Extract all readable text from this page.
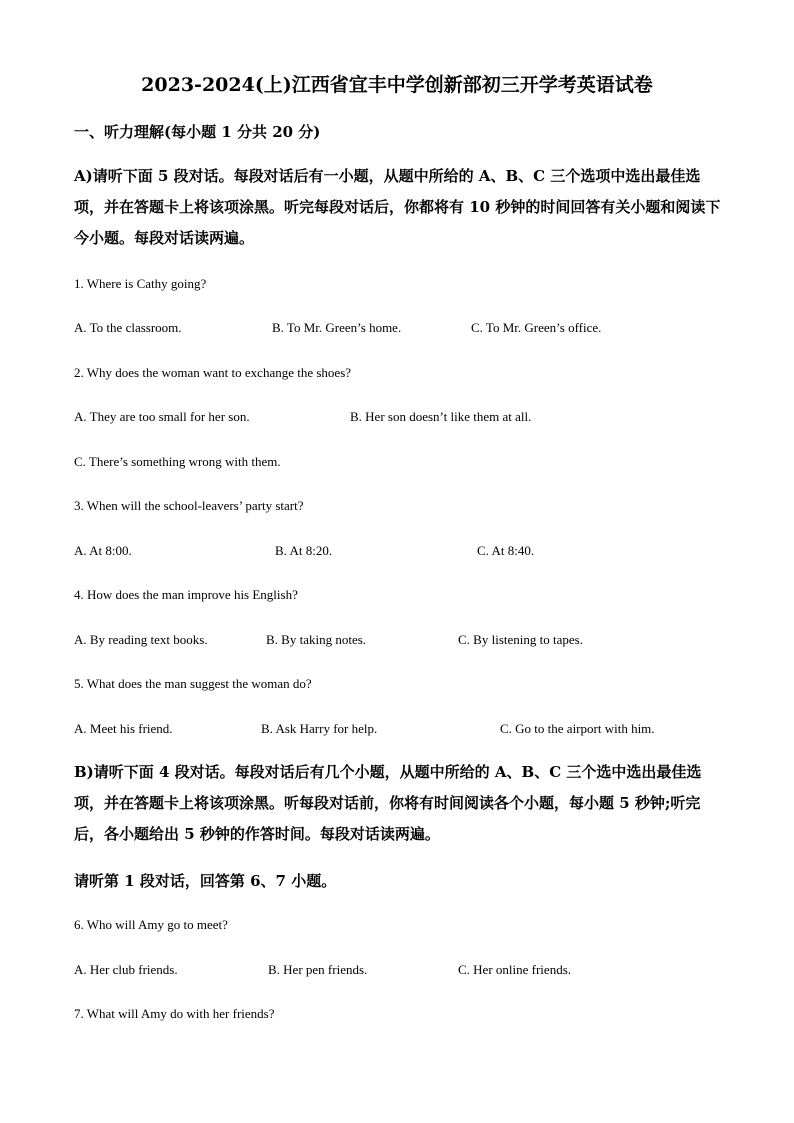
2023-2024(上)江西省宜丰中学创新部初三开学考英语试卷
一、听力理解(每小题 1 分共 20 分)
A)请听下面 5 段对话。每段对话后有一小题，从题中所给的 A、B、C 三个选项中选出最佳选项，并在答题卡上将该项涂黑。听完每段对话后，你都将有 10 秒钟的时间回答有关小题和阅读下今小题。每段对话读两遍。
1. Where is Cathy going?
A. To the classroom.	B. To Mr. Green’s home.	C. To Mr. Green’s office.
2. Why does the woman want to exchange the shoes?
A. They are too small for her son.	B. Her son doesn’t like them at all.
C. There’s something wrong with them.
3. When will the school-leavers’ party start?
A. At 8:00.	B. At 8:20.	C. At 8:40.
4. How does the man improve his English?
A. By reading text books.	B. By taking notes.	C. By listening to tapes.
5. What does the man suggest the woman do?
A. Meet his friend.	B. Ask Harry for help.	C. Go to the airport with him.
B)请听下面 4 段对话。每段对话后有几个小题，从题中所给的 A、B、C 三个选中选出最佳选项，并在答题卡上将该项涂黑。听每段对话前，你将有时间阅读各个小题，每小题 5 秒钟;听完后，各小题给出 5 秒钟的作答时间。每段对话读两遍。
请听第 1 段对话，回答第 6、7 小题。
6. Who will Amy go to meet?
A. Her club friends.	B. Her pen friends.	C. Her online friends.
7. What will Amy do with her friends?
